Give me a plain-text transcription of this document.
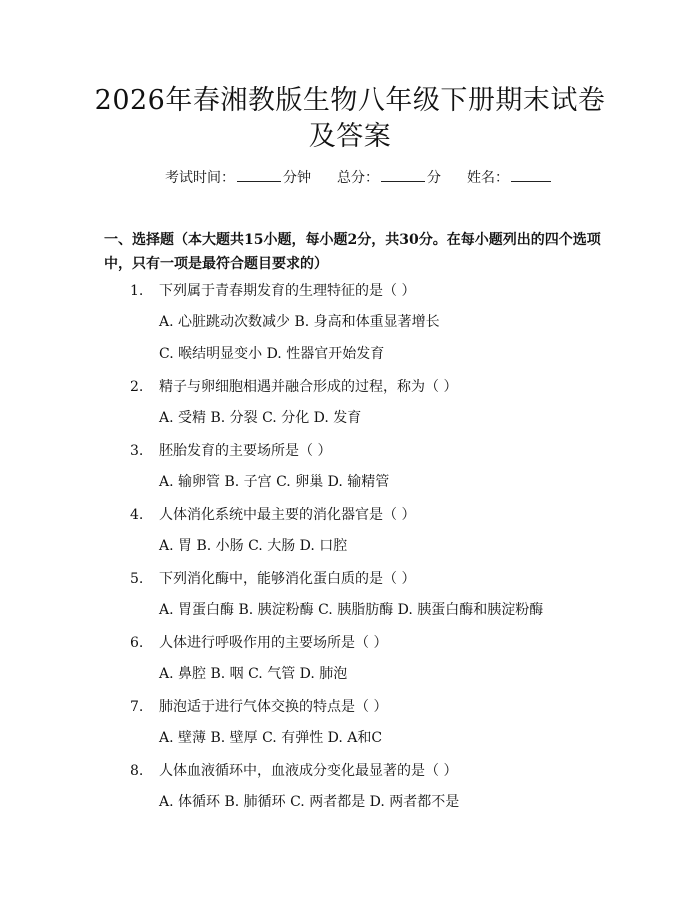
2026年春湘教版生物八年级下册期末试卷及答案
考试时间：	分钟 总分：	分 姓名：

一、选择题（本大题共15小题，每小题2分，共30分。在每小题列出的四个选项中，只有一项是最符合题目要求的）

1. 下列属于青春期发育的生理特征的是（ ）
A. 心脏跳动次数减少 B. 身高和体重显著增长
C. 喉结明显变小 D. 性器官开始发育
2. 精子与卵细胞相遇并融合形成的过程，称为（ ）
A. 受精 B. 分裂 C. 分化 D. 发育
3. 胚胎发育的主要场所是（ ）
A. 输卵管 B. 子宫 C. 卵巢 D. 输精管
4. 人体消化系统中最主要的消化器官是（ ）
A. 胃 B. 小肠 C. 大肠 D. 口腔
5. 下列消化酶中，能够消化蛋白质的是（ ）
A. 胃蛋白酶 B. 胰淀粉酶 C. 胰脂肪酶 D. 胰蛋白酶和胰淀粉酶
6. 人体进行呼吸作用的主要场所是（ ）
A. 鼻腔 B. 咽 C. 气管 D. 肺泡
7. 肺泡适于进行气体交换的特点是（ ）
A. 壁薄 B. 壁厚 C. 有弹性 D. A和C
8. 人体血液循环中，血液成分变化最显著的是（ ）
A. 体循环 B. 肺循环 C. 两者都是 D. 两者都不是
